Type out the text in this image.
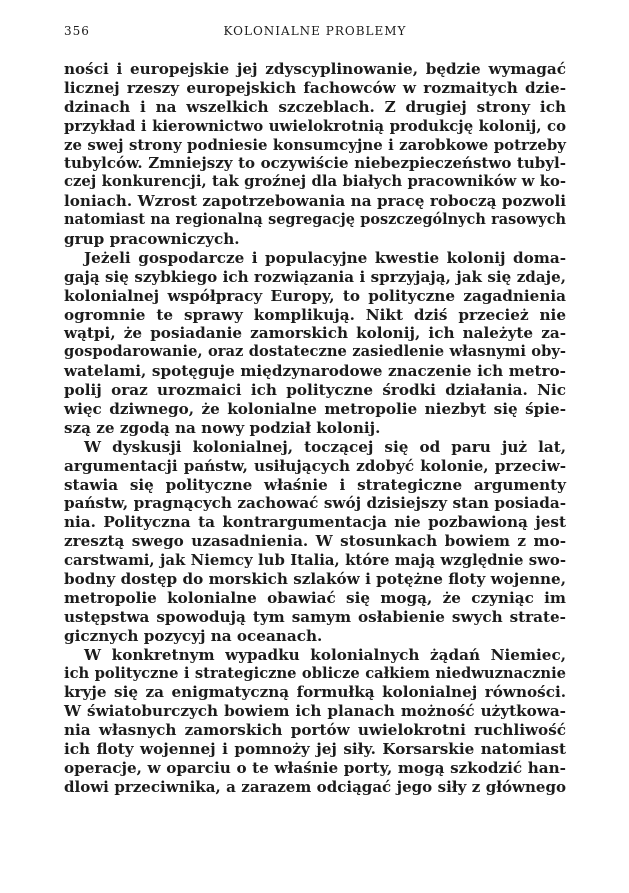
356	KOLONIALNE PROBLEMY
ności i europejskie jej zdyscyplinowanie, będzie wymagać
licznej rzeszy europejskich fachowców w rozmaitych dzie-
dzinach i na wszelkich szczeblach. Z drugiej strony ich
przykład i kierownictwo uwielokrotnią produkcję kolonij, co
ze swej strony podniesie konsumcyjne i zarobkowe potrzeby
tubylców. Zmniejszy to oczywiście niebezpieczeństwo tubyl-
czej konkurencji, tak groźnej dla białych pracowników w ko-
loniach. Wzrost zapotrzebowania na pracę roboczą pozwoli
natomiast na regionalną segregację poszczególnych rasowych
grup pracowniczych.
Jeżeli gospodarcze i populacyjne kwestie kolonij doma-
gają się szybkiego ich rozwiązania i sprzyjają, jak się zdaje,
kolonialnej współpracy Europy, to polityczne zagadnienia
ogromnie te sprawy komplikują. Nikt dziś przecież nie
wątpi, że posiadanie zamorskich kolonij, ich należyte za-
gospodarowanie, oraz dostateczne zasiedlenie własnymi oby-
watelami, spotęguje międzynarodowe znaczenie ich metro-
polij oraz urozmaici ich polityczne środki działania. Nic
więc dziwnego, że kolonialne metropolie niezbyt się śpie-
szą ze zgodą na nowy podział kolonij.
W dyskusji kolonialnej, toczącej się od paru już lat,
argumentacji państw, usiłujących zdobyć kolonie, przeciw-
stawia się polityczne właśnie i strategiczne argumenty
państw, pragnących zachować swój dzisiejszy stan posiada-
nia. Polityczna ta kontrargumentacja nie pozbawioną jest
zresztą swego uzasadnienia. W stosunkach bowiem z mo-
carstwami, jak Niemcy lub Italia, które mają względnie swo-
bodny dostęp do morskich szlaków i potężne floty wojenne,
metropolie kolonialne obawiać się mogą, że czyniąc im
ustępstwa spowodują tym samym osłabienie swych strate-
gicznych pozycyj na oceanach.
W konkretnym wypadku kolonialnych żądań Niemiec,
ich polityczne i strategiczne oblicze całkiem niedwuznacznie
kryje się za enigmatyczną formułką kolonialnej równości.
W światoburczych bowiem ich planach możność użytkowa-
nia własnych zamorskich portów uwielokrotni ruchliwość
ich floty wojennej i pomnoży jej siły. Korsarskie natomiast
operacje, w oparciu o te właśnie porty, mogą szkodzić han-
dlowi przeciwnika, a zarazem odciągać jego siły z głównego
